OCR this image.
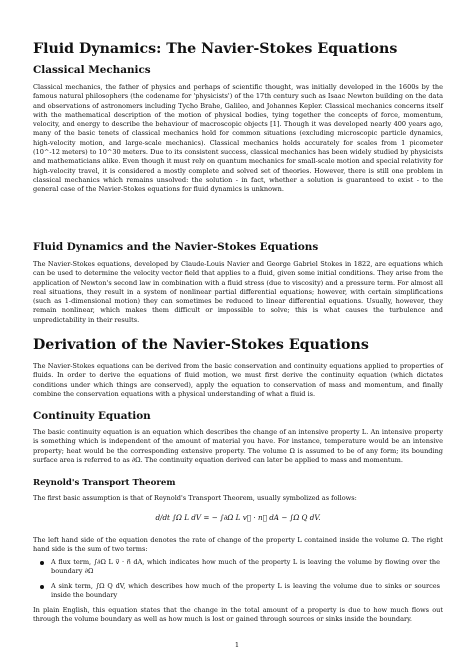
Fluid Dynamics: The Navier-Stokes Equations
Classical Mechanics

Classical mechanics, the father of physics and perhaps of scientific thought, was initially developed in the 1600s by the famous natural philosophers (the codename for 'physicists') of the 17th century such as Isaac Newton building on the data and observations of astronomers including Tycho Brahe, Galileo, and Johannes Kepler. Classical mechanics concerns itself with the mathematical description of the motion of physical bodies, tying together the concepts of force, momentum, velocity, and energy to describe the behaviour of macroscopic objects [1]. Though it was developed nearly 400 years ago, many of the basic tenets of classical mechanics hold for common situations (excluding microscopic particle dynamics, high-velocity motion, and large-scale mechanics). Classical mechanics holds accurately for scales from 1 picometer (10^-12 meters) to 10^30 meters. Due to its consistent success, classical mechanics has been widely studied by physicists and mathematicians alike. Even though it must rely on quantum mechanics for small-scale motion and special relativity for high-velocity travel, it is considered a mostly complete and solved set of theories. However, there is still one problem in classical mechanics which remains unsolved: the solution - in fact, whether a solution is guaranteed to exist - to the general case of the Navier-Stokes equations for fluid dynamics is unknown.

Fluid Dynamics and the Navier-Stokes Equations

The Navier-Stokes equations, developed by Claude-Louis Navier and George Gabriel Stokes in 1822, are equations which can be used to determine the velocity vector field that applies to a fluid, given some initial conditions. They arise from the application of Newton's second law in combination with a fluid stress (due to viscosity) and a pressure term. For almost all real situations, they result in a system of nonlinear partial differential equations; however, with certain simplifications (such as 1-dimensional motion) they can sometimes be reduced to linear differential equations. Usually, however, they remain nonlinear, which makes them difficult or impossible to solve; this is what causes the turbulence and unpredictability in their results.

Derivation of the Navier-Stokes Equations

The Navier-Stokes equations can be derived from the basic conservation and continuity equations applied to properties of fluids. In order to derive the equations of fluid motion, we must first derive the continuity equation (which dictates conditions under which things are conserved), apply the equation to conservation of mass and momentum, and finally combine the conservation equations with a physical understanding of what a fluid is.

Continuity Equation

The basic continuity equation is an equation which describes the change of an intensive property L. An intensive property is something which is independent of the amount of material you have. For instance, temperature would be an intensive property; heat would be the corresponding extensive property. The volume Ω is assumed to be of any form; its bounding surface area is referred to as ∂Ω. The continuity equation derived can later be applied to mass and momentum.

Reynold's Transport Theorem

The first basic assumption is that of Reynold's Transport Theorem, usually symbolized as follows:

d/dt ∫Ω L dV = − ∫∂Ω L v⃗ · n⃗ dA − ∫Ω Q dV.

The left hand side of the equation denotes the rate of change of the property L contained inside the volume Ω. The right hand side is the sum of two terms:

A flux term, ∫∂Ω L v⃗ · n⃗ dA, which indicates how much of the property L is leaving the volume by flowing over the boundary ∂Ω
A sink term, ∫Ω Q dV, which describes how much of the property L is leaving the volume due to sinks or sources inside the boundary

In plain English, this equation states that the change in the total amount of a property is due to how much flows out through the volume boundary as well as how much is lost or gained through sources or sinks inside the boundary.

1
